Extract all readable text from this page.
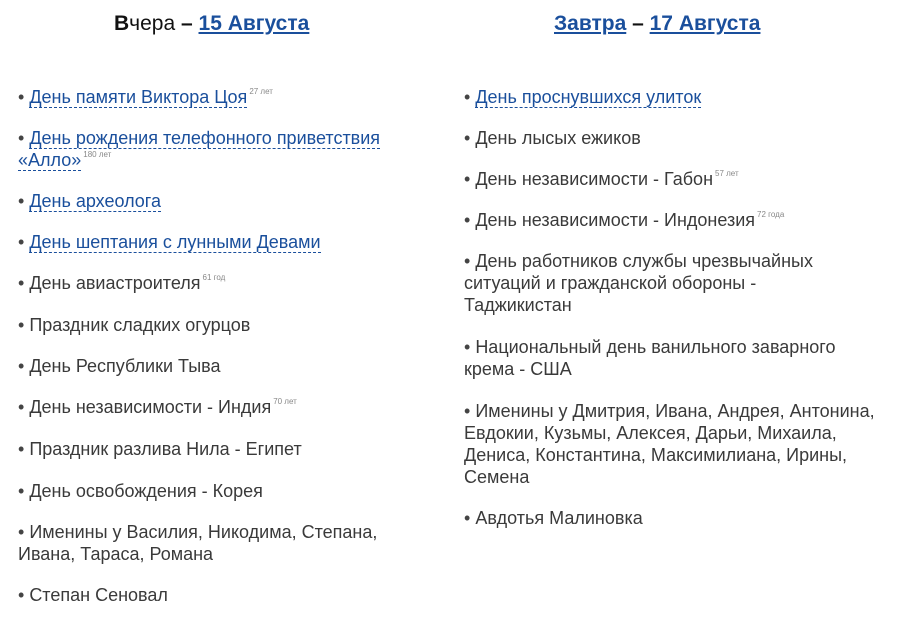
Вчера – 15 Августа
• День памяти Виктора Цоя $^{27 лет}$
• День рождения телефонного приветствия «Алло» $^{180 лет}$
• День археолога
• День шептания с лунными Девами
• День авиастроителя $^{61 год}$
• Праздник сладких огурцов
• День Республики Тыва
• День независимости - Индия $^{70 лет}$
• Праздник разлива Нила - Египет
• День освобождения - Корея
• Именины у Василия, Никодима, Степана, Ивана, Тараса, Романа
• Степан Сеновал
Завтра – 17 Августа
• День проснувшихся улиток
• День лысых ежиков
• День независимости - Габон $^{57 лет}$
• День независимости - Индонезия $^{72 года}$
• День работников службы чрезвычайных ситуаций и гражданской обороны - Таджикистан
• Национальный день ванильного заварного крема - США
• Именины у Дмитрия, Ивана, Андрея, Антонина, Евдокии, Кузьмы, Алексея, Дарьи, Михаила, Дениса, Константина, Максимилиана, Ирины, Семена
• Авдотья Малиновка
